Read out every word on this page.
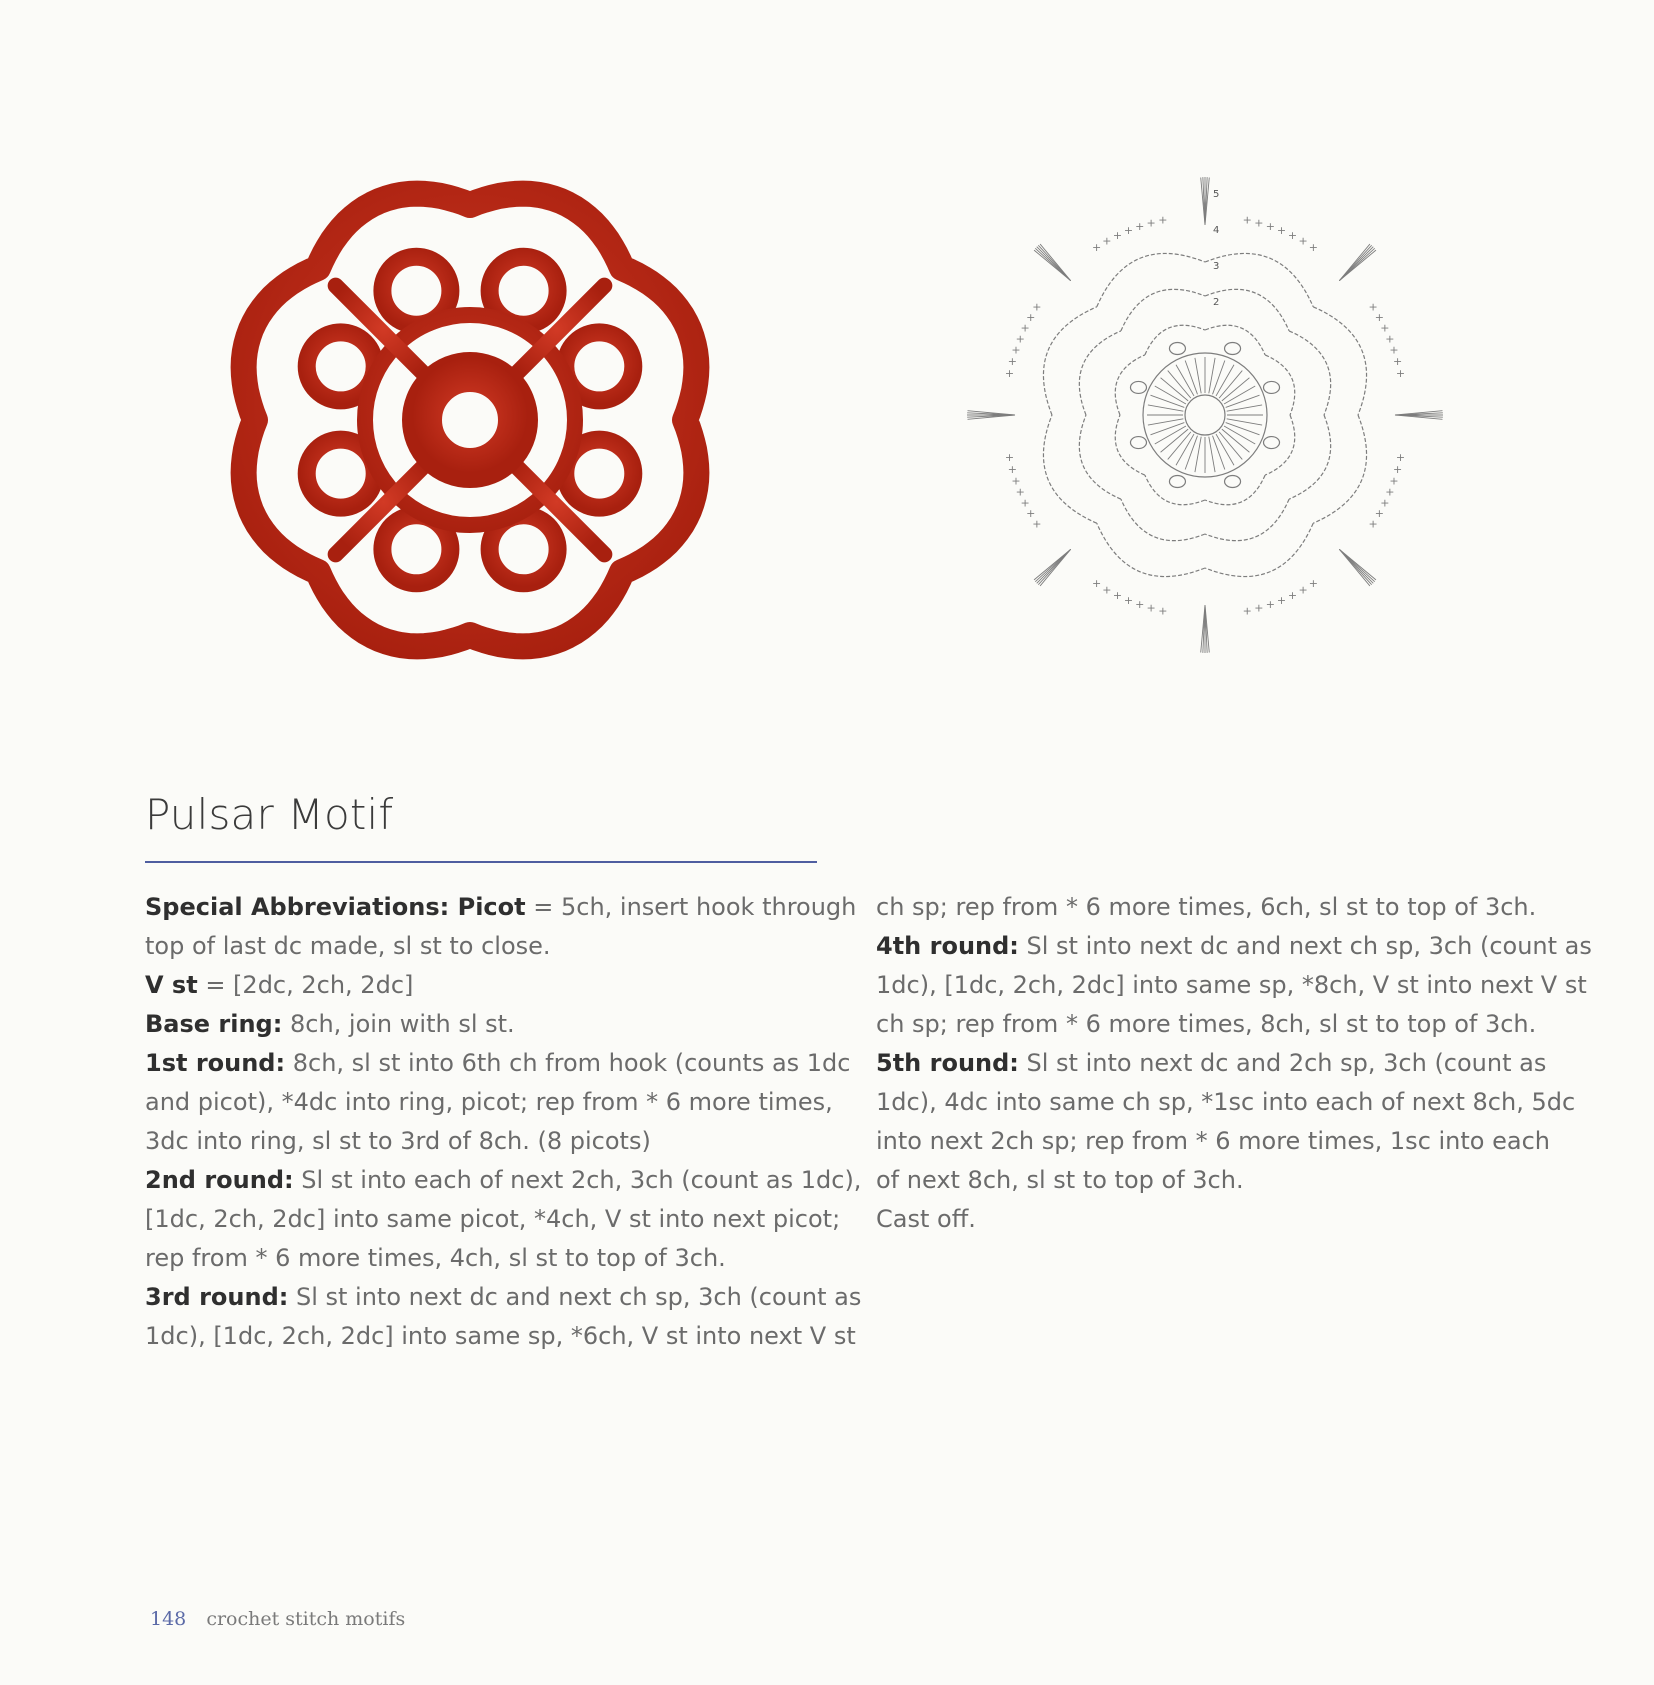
+
+
+
+
+
+
+
+
+
+
+
+
+
+
+
+
+
+
+
+
+
+
+
+
+
+
+
+
+
+
+
+
+
+
+
+ + + + + + +	+ + + + + + +
+
+
+
+
+
+
+
2
3
4
5
Pulsar Motif
Special Abbreviations: Picot = 5ch, insert hook through
top of last dc made, sl st to close.
V st = [2dc, 2ch, 2dc]
Base ring: 8ch, join with sl st.
1st round: 8ch, sl st into 6th ch from hook (counts as 1dc
and picot), *4dc into ring, picot; rep from * 6 more times,
3dc into ring, sl st to 3rd of 8ch. (8 picots)
2nd round: Sl st into each of next 2ch, 3ch (count as 1dc),
[1dc, 2ch, 2dc] into same picot, *4ch, V st into next picot;
rep from * 6 more times, 4ch, sl st to top of 3ch.
3rd round: Sl st into next dc and next ch sp, 3ch (count as
1dc), [1dc, 2ch, 2dc] into same sp, *6ch, V st into next V st
ch sp; rep from * 6 more times, 6ch, sl st to top of 3ch.
4th round: Sl st into next dc and next ch sp, 3ch (count as
1dc), [1dc, 2ch, 2dc] into same sp, *8ch, V st into next V st
ch sp; rep from * 6 more times, 8ch, sl st to top of 3ch.
5th round: Sl st into next dc and 2ch sp, 3ch (count as
1dc), 4dc into same ch sp, *1sc into each of next 8ch, 5dc
into next 2ch sp; rep from * 6 more times, 1sc into each
of next 8ch, sl st to top of 3ch.
Cast off.
148 crochet stitch motifs
